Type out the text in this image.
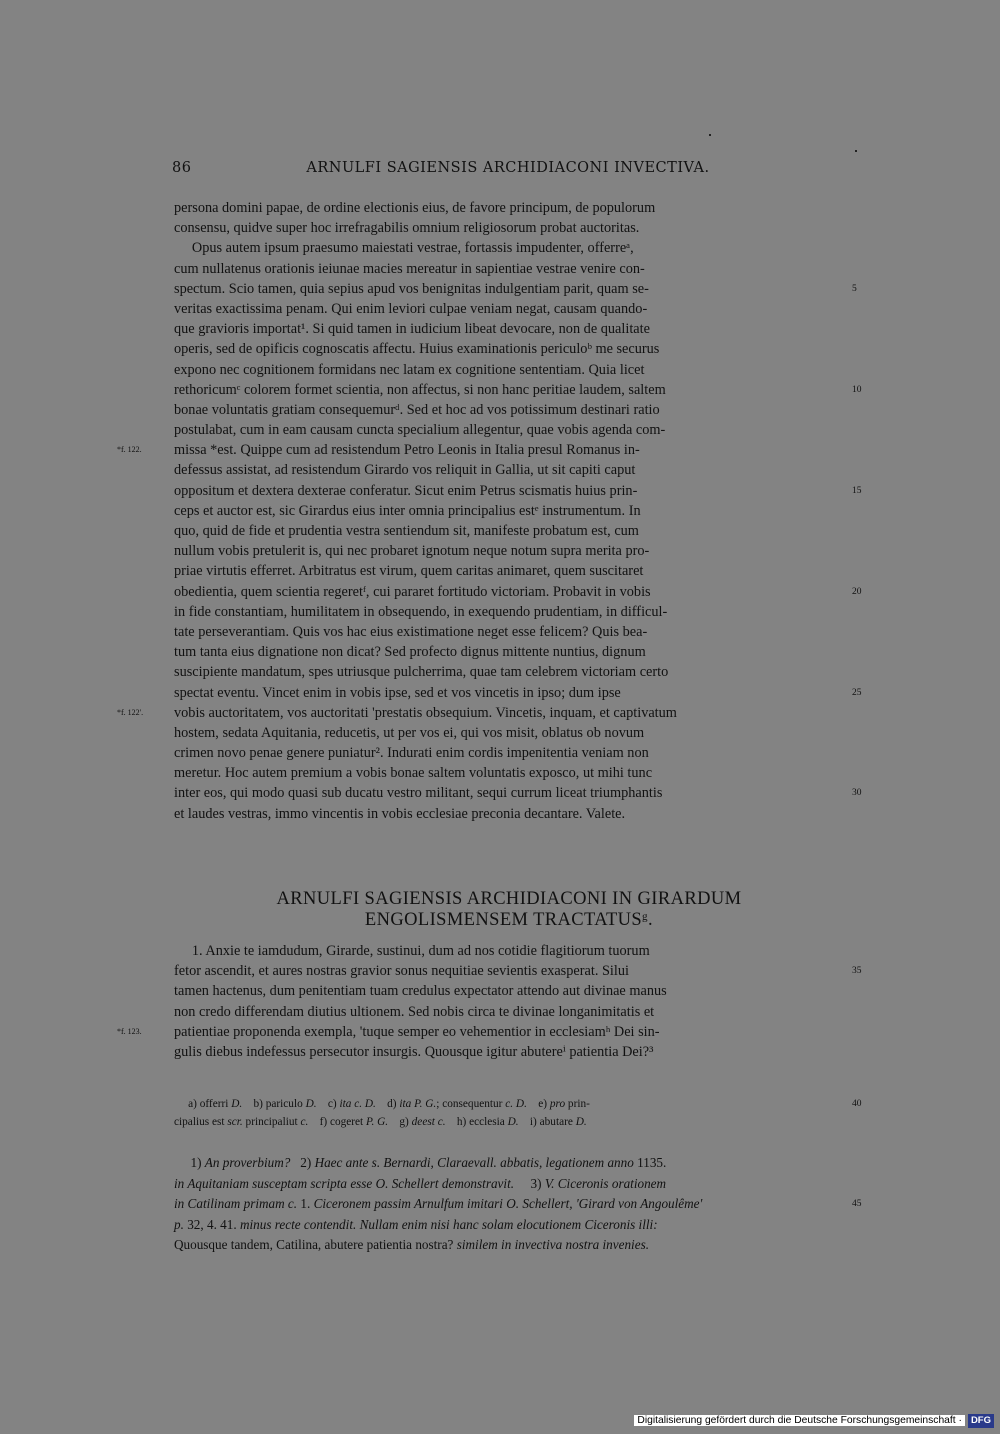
86	ARNULFI SAGIENSIS ARCHIDIACONI INVECTIVA.
persona domini papae, de ordine electionis eius, de favore principum, de populorum
consensu, quidve super hoc irrefragabilis omnium religiosorum probat auctoritas.
Opus autem ipsum praesumo maiestati vestrae, fortassis impudenter, offerreᵃ,
cum nullatenus orationis ieiunae macies mereatur in sapientiae vestrae venire con-
spectum. Scio tamen, quia sepius apud vos benignitas indulgentiam parit, quam se-	5
veritas exactissima penam. Qui enim leviori culpae veniam negat, causam quando-
que gravioris importat¹. Si quid tamen in iudicium libeat devocare, non de qualitate
operis, sed de opificis cognoscatis affectu. Huius examinationis periculoᵇ me securus
expono nec cognitionem formidans nec latam ex cognitione sententiam. Quia licet
rethoricumᶜ colorem formet scientia, non affectus, si non hanc peritiae laudem, saltem	10
bonae voluntatis gratiam consequemurᵈ. Sed et hoc ad vos potissimum destinari ratio
postulabat, cum in eam causam cuncta specialium allegentur, quae vobis agenda com-
missa *est. Quippe cum ad resistendum Petro Leonis in Italia presul Romanus in-
*f. 122.
defessus assistat, ad resistendum Girardo vos reliquit in Gallia, ut sit capiti caput
oppositum et dextera dexterae conferatur. Sicut enim Petrus scismatis huius prin-	15
ceps et auctor est, sic Girardus eius inter omnia principalius estᵉ instrumentum. In
quo, quid de fide et prudentia vestra sentiendum sit, manifeste probatum est, cum
nullum vobis pretulerit is, qui nec probaret ignotum neque notum supra merita pro-
priae virtutis efferret. Arbitratus est virum, quem caritas animaret, quem suscitaret
obedientia, quem scientia regeretᶠ, cui pararet fortitudo victoriam. Probavit in vobis	20
in fide constantiam, humilitatem in obsequendo, in exequendo prudentiam, in difficul-
tate perseverantiam. Quis vos hac eius existimatione neget esse felicem? Quis bea-
tum tanta eius dignatione non dicat? Sed profecto dignus mittente nuntius, dignum
suscipiente mandatum, spes utriusque pulcherrima, quae tam celebrem victoriam certo
spectat eventu. Vincet enim in vobis ipse, sed et vos vincetis in ipso; dum ipse	25
vobis auctoritatem, vos auctoritati 'prestatis obsequium. Vincetis, inquam, et captivatum
*f. 122'.
hostem, sedata Aquitania, reducetis, ut per vos ei, qui vos misit, oblatus ob novum
crimen novo penae genere puniatur². Indurati enim cordis impenitentia veniam non
meretur. Hoc autem premium a vobis bonae saltem voluntatis exposco, ut mihi tunc
inter eos, qui modo quasi sub ducatu vestro militant, sequi currum liceat triumphantis	30
et laudes vestras, immo vincentis in vobis ecclesiae preconia decantare. Valete.
ARNULFI SAGIENSIS ARCHIDIACONI IN GIRARDUM
ENGOLISMENSEM TRACTATUSᵍ.
1. Anxie te iamdudum, Girarde, sustinui, dum ad nos cotidie flagitiorum tuorum
fetor ascendit, et aures nostras gravior sonus nequitiae sevientis exasperat. Silui	35
tamen hactenus, dum penitentiam tuam credulus expectator attendo aut divinae manus
non credo differendam diutius ultionem. Sed nobis circa te divinae longanimitatis et
patientiae proponenda exempla, 'tuque semper eo vehementior in ecclesiamʰ Dei sin-
*f. 123.
gulis diebus indefessus persecutor insurgis. Quousque igitur abutereⁱ patientia Dei?³
a) offerri D.    b) pariculo D.    c) ita c. D.    d) ita P. G.; consequentur c. D.    e) pro prin-	40
cipalius est scr. principaliut c.    f) cogeret P. G.    g) deest c.    h) ecclesia D.    i) abutare D.
1) An proverbium?   2) Haec ante s. Bernardi, Claraevall. abbatis, legationem anno 1135.
in Aquitaniam susceptam scripta esse O. Schellert demonstravit.     3) V. Ciceronis orationem
in Catilinam primam c. 1. Ciceronem passim Arnulfum imitari O. Schellert, 'Girard von Angoulême'	45
p. 32, 4. 41. minus recte contendit. Nullam enim nisi hanc solam elocutionem Ciceronis illi:
Quousque tandem, Catilina, abutere patientia nostra? similem in invectiva nostra invenies.
Digitalisierung gefördert durch die Deutsche Forschungsgemeinschaft · DFG
